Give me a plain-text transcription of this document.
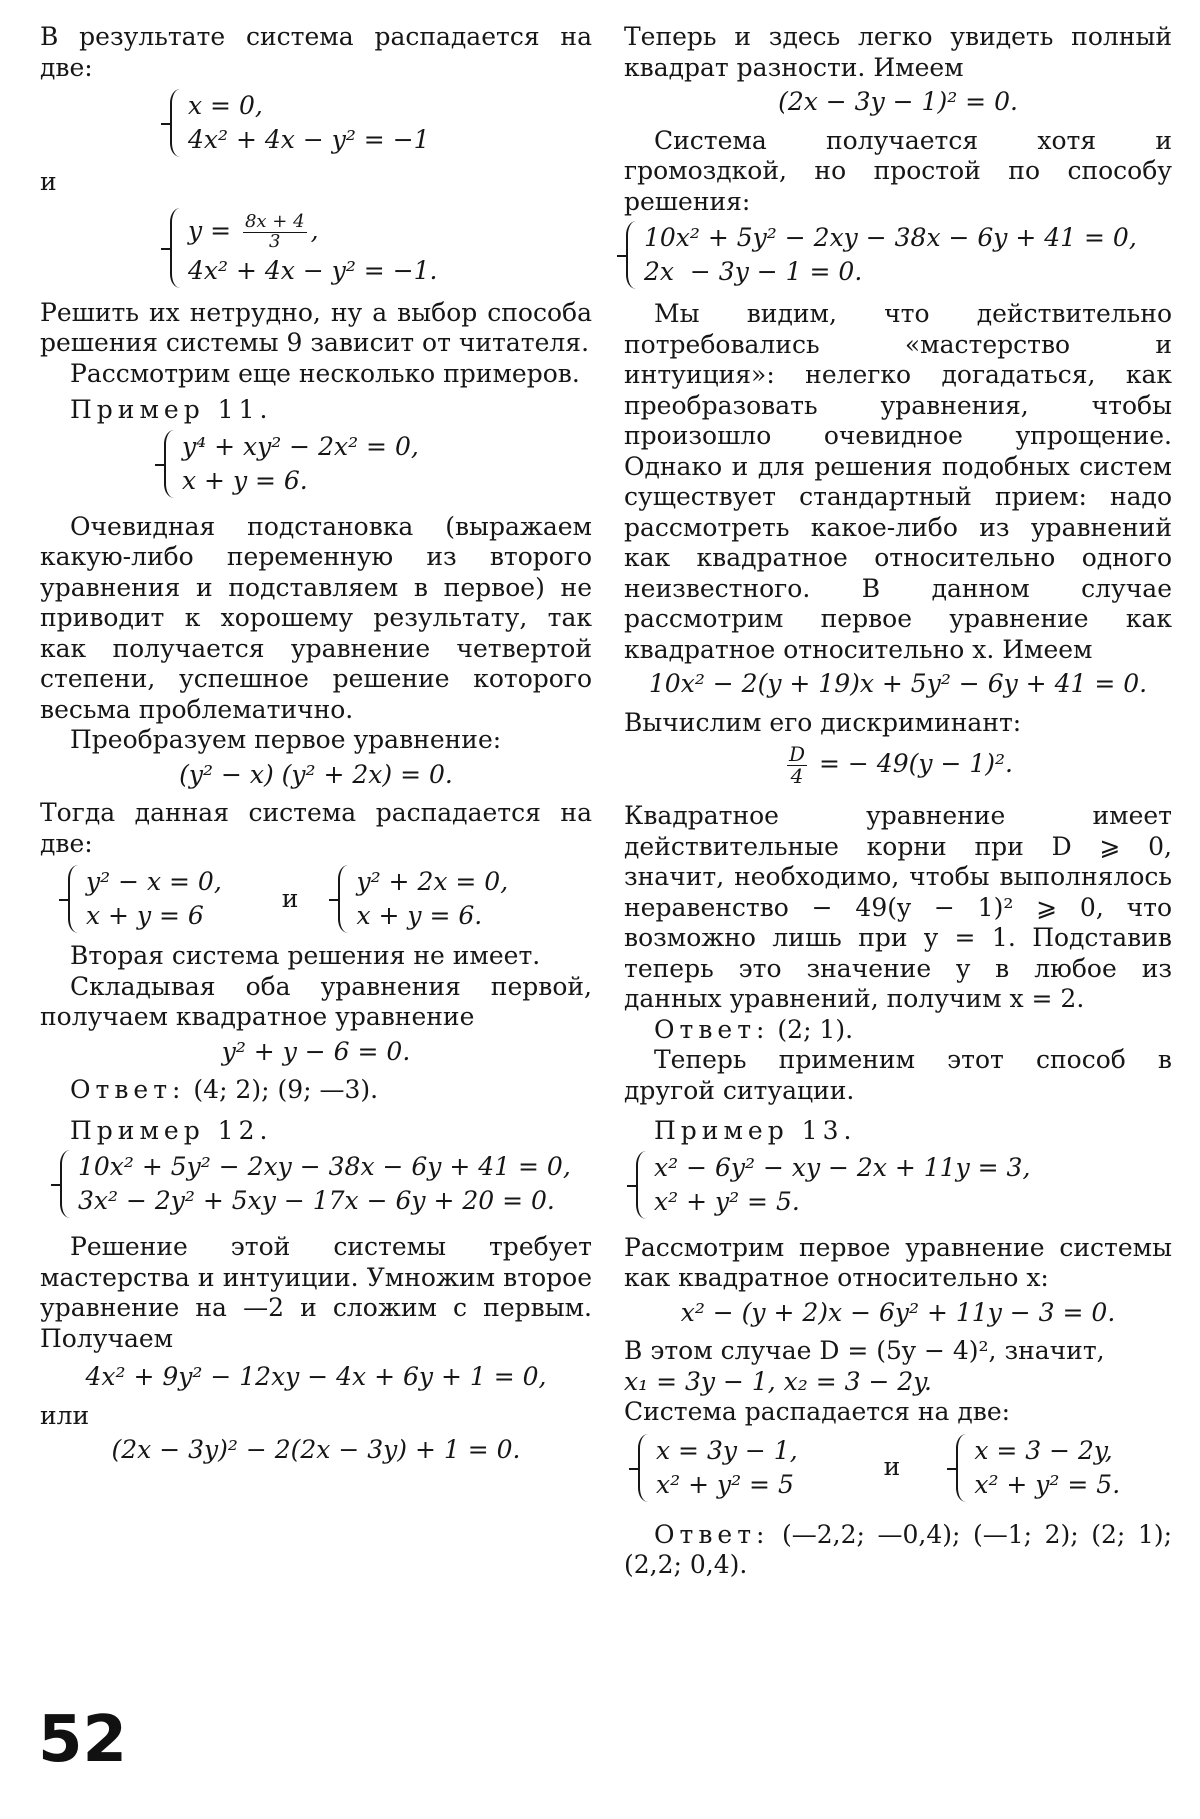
В результате система распадается на две:

x = 0,
4x² + 4x − y² = −1

и

$y = \frac{8x + 4}{3}$ ,
4x² + 4x − y² = −1.

Решить их нетрудно, ну а выбор способа решения системы 9 зависит от читателя.

Рассмотрим еще несколько примеров.

Пример 11.

y⁴ + xy² − 2x² = 0,
x + y = 6.

Очевидная подстановка (выражаем какую-либо переменную из второго уравнения и подставляем в первое) не приводит к хорошему результату, так как получается уравнение четвертой степени, успешное решение которого весьма проблематично.

Преобразуем первое уравнение:

(y² − x) (y² + 2x) = 0.

Тогда данная система распадается на две:

y² − x = 0,
x + y = 6
и
y² + 2x = 0,
x + y = 6.

Вторая система решения не имеет.

Складывая оба уравнения первой, получаем квадратное уравнение

y² + y − 6 = 0.

Ответ: (4; 2); (9; —3).

Пример 12.

10x² + 5y² − 2xy − 38x − 6y + 41 = 0,
3x² − 2y² + 5xy − 17x − 6y + 20 = 0.

Решение этой системы требует мастерства и интуиции. Умножим второе уравнение на —2 и сложим с первым. Получаем

4x² + 9y² − 12xy − 4x + 6y + 1 = 0,

или

(2x − 3y)² − 2(2x − 3y) + 1 = 0.

Теперь и здесь легко увидеть полный квадрат разности. Имеем

(2x − 3y − 1)² = 0.

Система получается хотя и громоздкой, но простой по способу решения:

10x² + 5y² − 2xy − 38x − 6y + 41 = 0,
2x  − 3y − 1 = 0.

Мы видим, что действительно потребовались «мастерство и интуиция»: нелегко догадаться, как преобразовать уравнения, чтобы произошло очевидное упрощение. Однако и для решения подобных систем существует стандартный прием: надо рассмотреть какое-либо из уравнений как квадратное относительно одного неизвестного. В данном случае рассмотрим первое уравнение как квадратное относительно x. Имеем

10x² − 2(y + 19)x + 5y² − 6y + 41 = 0.

Вычислим его дискриминант:

$\frac{D}{4}$ = − 49(y − 1)².

Квадратное уравнение имеет действительные корни при D ⩾ 0, значит, необходимо, чтобы выполнялось неравенство − 49(y − 1)² ⩾ 0, что возможно лишь при y = 1. Подставив теперь это значение y в любое из данных уравнений, получим x = 2.

Ответ: (2; 1).

Теперь применим этот способ в другой ситуации.

Пример 13.

x² − 6y² − xy − 2x + 11y = 3,
x² + y² = 5.

Рассмотрим первое уравнение системы как квадратное относительно x:

x² − (y + 2)x − 6y² + 11y − 3 = 0.

В этом случае D = (5y − 4)², значит,
x₁ = 3y − 1, x₂ = 3 − 2y.

Система распадается на две:

x = 3y − 1,
x² + y² = 5
и
x = 3 − 2y,
x² + y² = 5.

Ответ: (—2,2; —0,4); (—1; 2); (2; 1); (2,2; 0,4).

52
